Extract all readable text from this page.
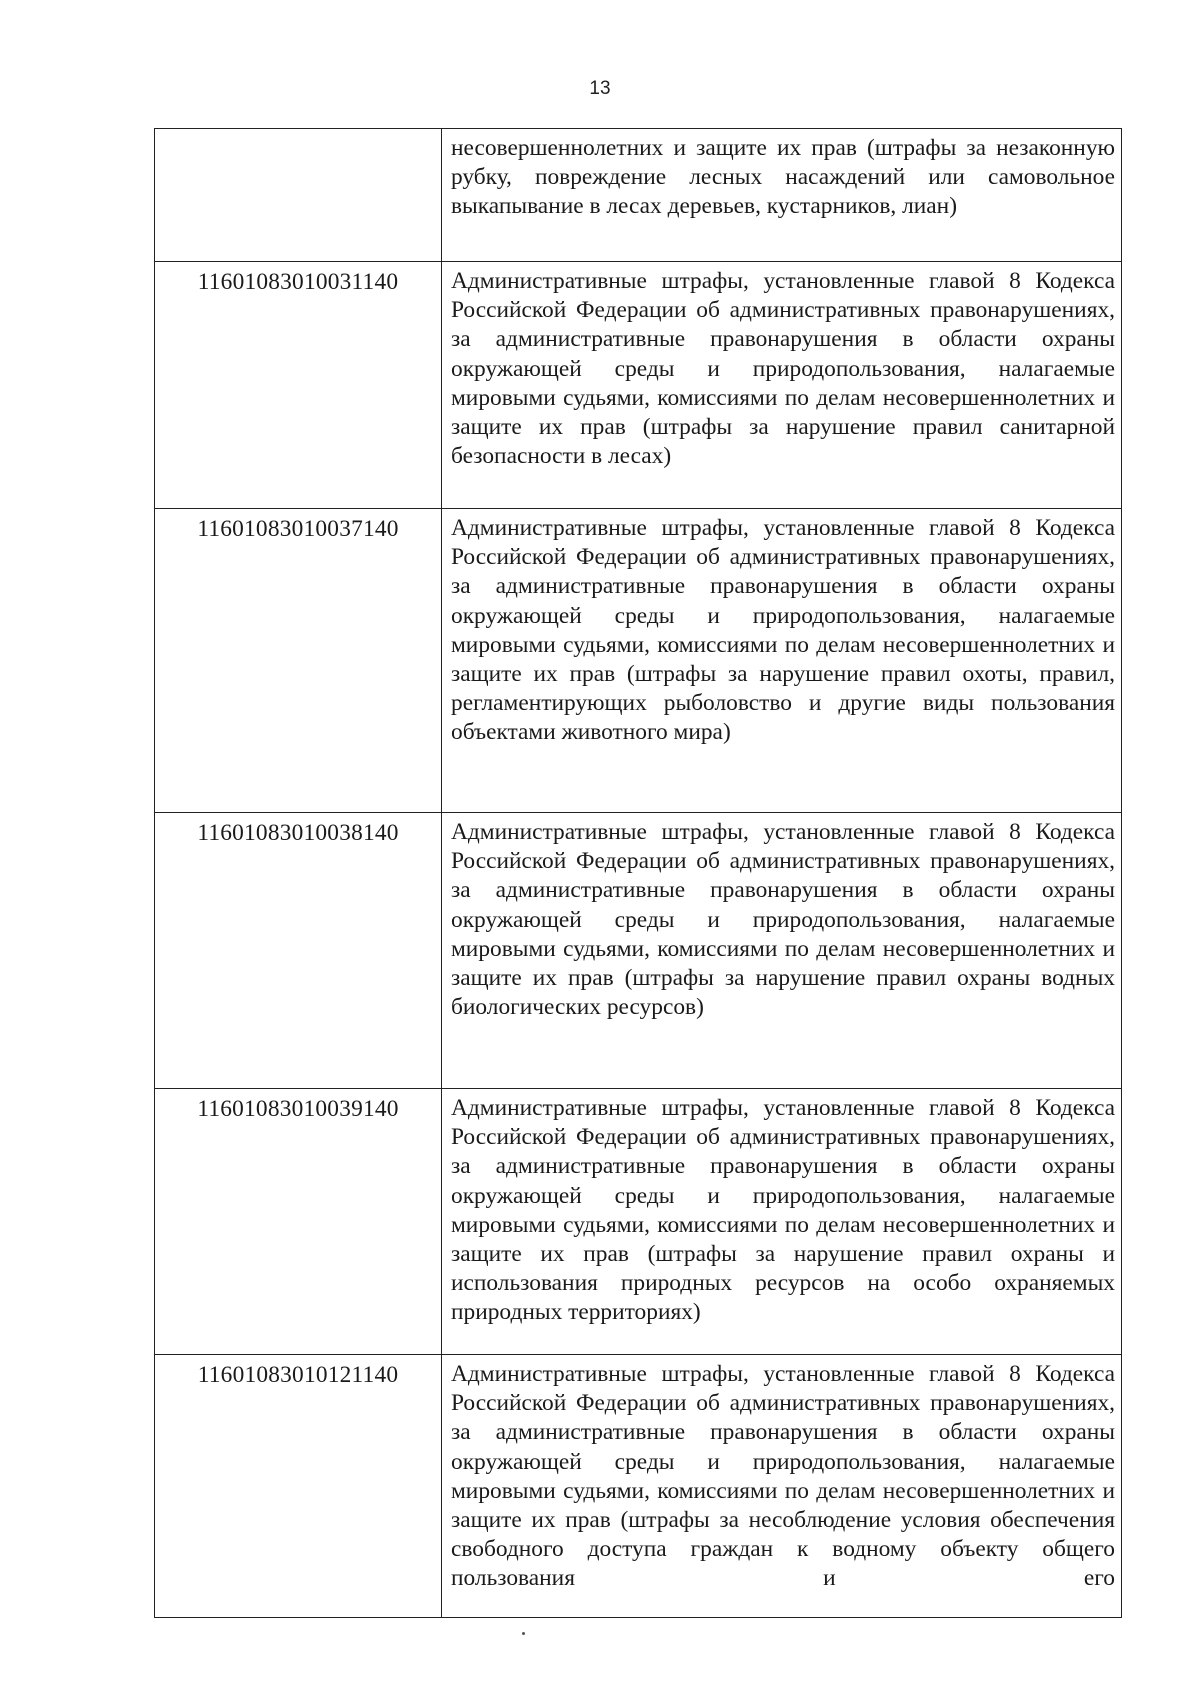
13
	несовершеннолетних и защите их прав (штрафы за незаконную рубку, повреждение лесных насаждений или самовольное выкапывание в лесах деревьев, кустарников, лиан)
11601083010031140	Административные штрафы, установленные главой 8 Кодекса Российской Федерации об административных правонарушениях, за административные правонарушения в области охраны окружающей среды и природопользования, налагаемые мировыми судьями, комиссиями по делам несовершеннолетних и защите их прав (штрафы за нарушение правил санитарной безопасности в лесах)
11601083010037140	Административные штрафы, установленные главой 8 Кодекса Российской Федерации об административных правонарушениях, за административные правонарушения в области охраны окружающей среды и природопользования, налагаемые мировыми судьями, комиссиями по делам несовершеннолетних и защите их прав (штрафы за нарушение правил охоты, правил, регламентирующих рыболовство и другие виды пользования объектами животного мира)
11601083010038140	Административные штрафы, установленные главой 8 Кодекса Российской Федерации об административных правонарушениях, за административные правонарушения в области охраны окружающей среды и природопользования, налагаемые мировыми судьями, комиссиями по делам несовершеннолетних и защите их прав (штрафы за нарушение правил охраны водных биологических ресурсов)
11601083010039140	Административные штрафы, установленные главой 8 Кодекса Российской Федерации об административных правонарушениях, за административные правонарушения в области охраны окружающей среды и природопользования, налагаемые мировыми судьями, комиссиями по делам несовершеннолетних и защите их прав (штрафы за нарушение правил охраны и использования природных ресурсов на особо охраняемых природных территориях)
11601083010121140	Административные штрафы, установленные главой 8 Кодекса Российской Федерации об административных правонарушениях, за административные правонарушения в области охраны окружающей среды и природопользования, налагаемые мировыми судьями, комиссиями по делам несовершеннолетних и защите их прав (штрафы за несоблюдение условия обеспечения свободного доступа граждан к водному объекту общего пользования и его
